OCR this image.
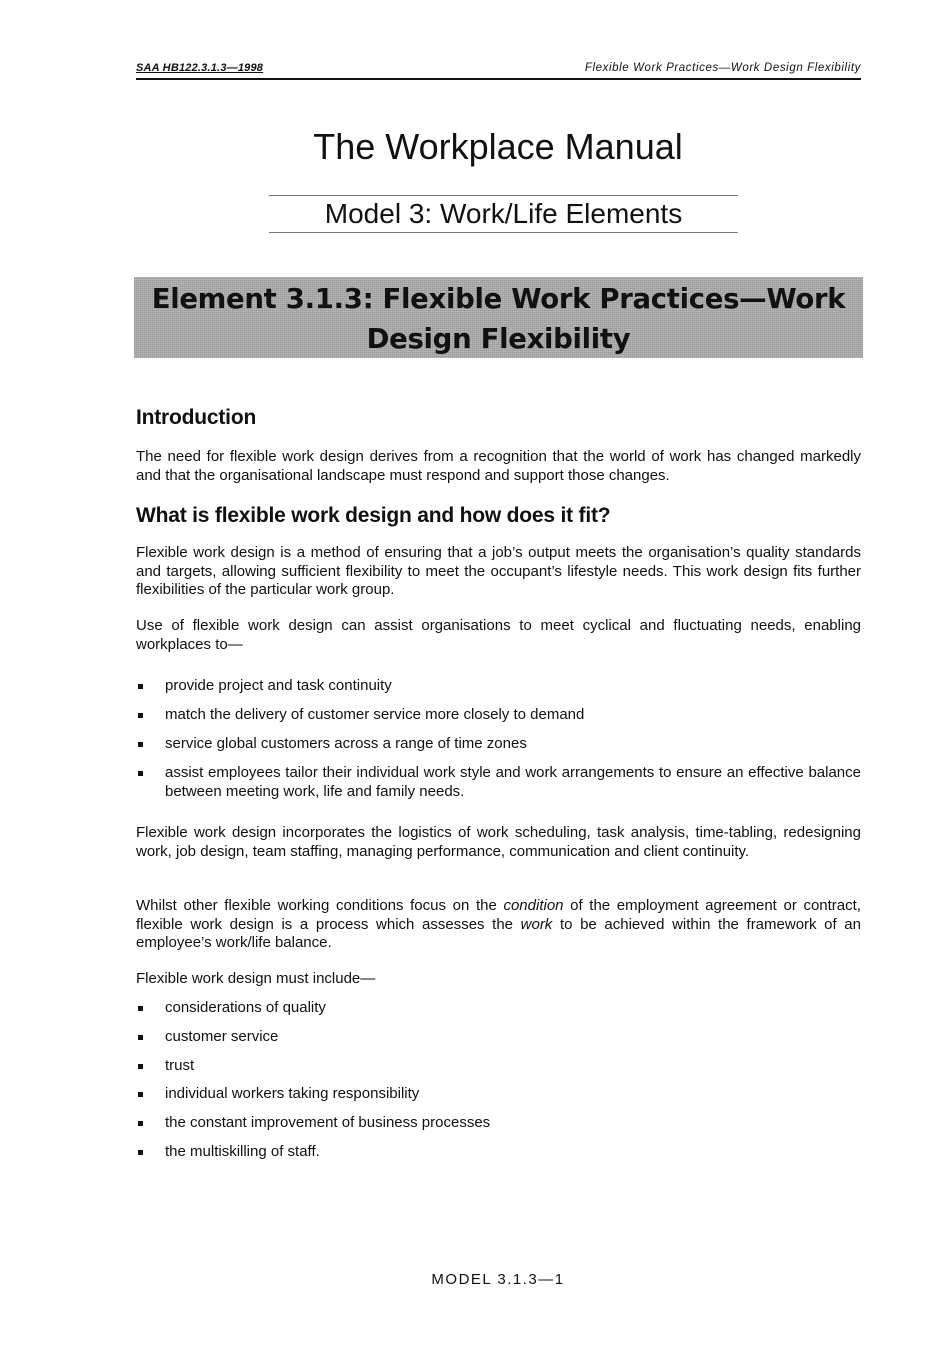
SAA HB122.3.1.3—1998	Flexible Work Practices—Work Design Flexibility
The Workplace Manual
Model 3: Work/Life Elements
Element 3.1.3: Flexible Work Practices—Work
Design Flexibility
Introduction

The need for flexible work design derives from a recognition that the world of work has changed markedly and that the organisational landscape must respond and support those changes.

What is flexible work design and how does it fit?

Flexible work design is a method of ensuring that a job’s output meets the organisation’s quality standards and targets, allowing sufficient flexibility to meet the occupant’s lifestyle needs. This work design fits further flexibilities of the particular work group.

Use of flexible work design can assist organisations to meet cyclical and fluctuating needs, enabling workplaces to—

provide project and task continuity
match the delivery of customer service more closely to demand
service global customers across a range of time zones
assist employees tailor their individual work style and work arrangements to ensure an effective balance between meeting work, life and family needs.

Flexible work design incorporates the logistics of work scheduling, task analysis, time-tabling, redesigning work, job design, team staffing, managing performance, communication and client continuity.

Whilst other flexible working conditions focus on the condition of the employment agreement or contract, flexible work design is a process which assesses the work to be achieved within the framework of an employee’s work/life balance.

Flexible work design must include—

considerations of quality
customer service
trust
individual workers taking responsibility
the constant improvement of business processes
the multiskilling of staff.
MODEL 3.1.3—1
